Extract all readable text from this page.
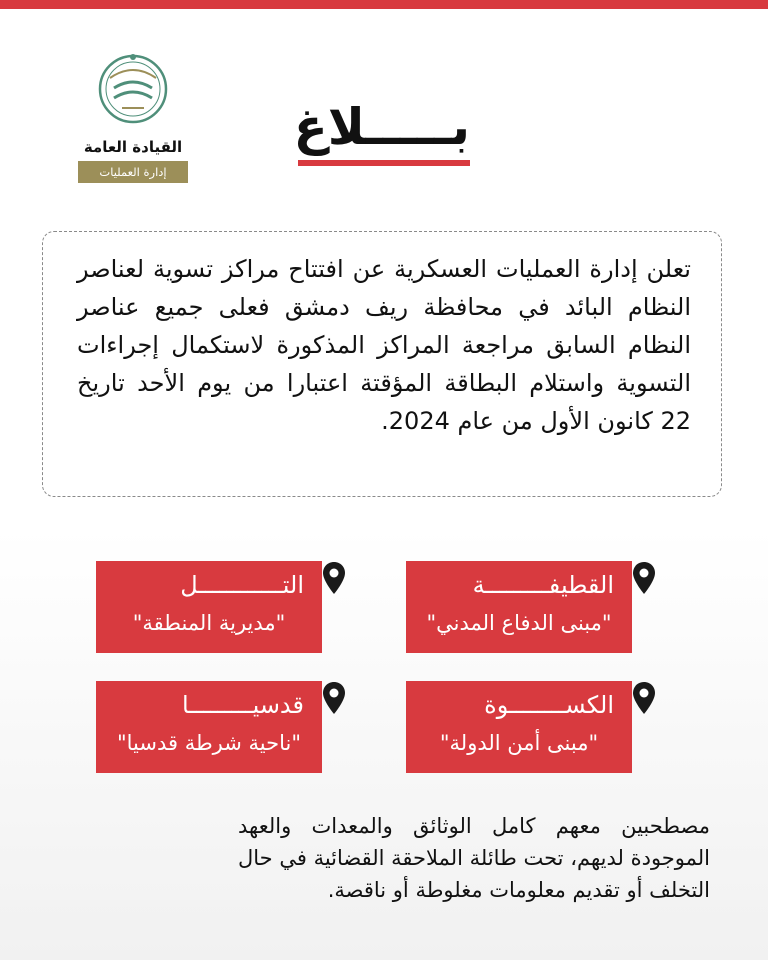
القيادة العامة
إدارة العمليات العسكرية
بـــــلاغ
تعلن إدارة العمليات العسكرية عن افتتاح مراكز تسوية لعناصر النظام البائد في محافظة ريف دمشق فعلى جميع عناصر النظام السابق مراجعة المراكز المذكورة لاستكمال إجراءات التسوية واستلام البطاقة المؤقتة اعتبارا من يوم الأحد تاريخ 22 كانون الأول من عام 2024.
القطيفـــــــــة
"مبنى الدفاع المدني"
التــــــــــــل
"مديرية المنطقة"
الكســــــــوة
"مبنى أمن الدولة"
قدسيـــــــــا
"ناحية شرطة قدسيا"
مصطحبين معهم كامل الوثائق والمعدات والعهد الموجودة لديهم، تحت طائلة الملاحقة القضائية في حال التخلف أو تقديم معلومات مغلوطة أو ناقصة.
